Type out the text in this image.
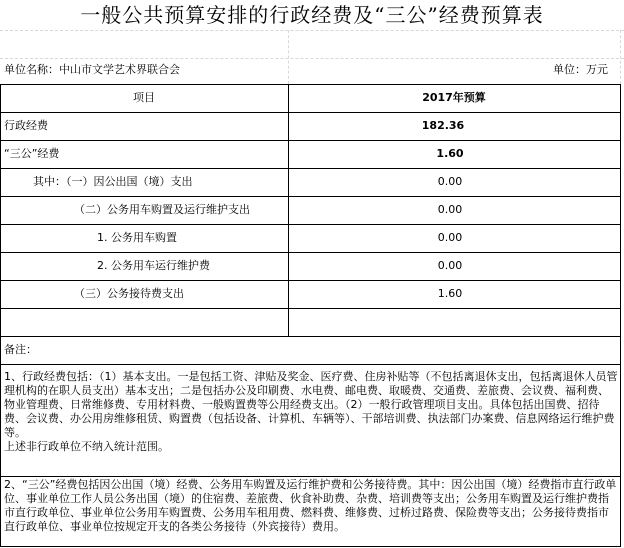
一般公共预算安排的行政经费及“三公”经费预算表
单位名称：中山市文学艺术界联合会	单位：万元
项目	2017年预算
行政经费	182.36
“三公”经费	1.60
其中：（一）因公出国（境）支出	0.00
（二）公务用车购置及运行维护支出	0.00
1. 公务用车购置	0.00
2. 公务用车运行维护费	0.00
（三）公务接待费支出	1.60
备注：
1、行政经费包括：（1）基本支出。一是包括工资、津贴及奖金、医疗费、住房补贴等（不包括离退休支出，包括离退休人员管理机构的在职人员支出）基本支出；二是包括办公及印刷费、水电费、邮电费、取暖费、交通费、差旅费、会议费、福利费、物业管理费、日常维修费、专用材料费、一般购置费等公用经费支出。（2）一般行政管理项目支出。具体包括出国费、招待费、会议费、办公用房维修租赁、购置费（包括设备、计算机、车辆等）、干部培训费、执法部门办案费、信息网络运行维护费等。
上述非行政单位不纳入统计范围。
2、“三公”经费包括因公出国（境）经费、公务用车购置及运行维护费和公务接待费。其中：因公出国（境）经费指市直行政单位、事业单位工作人员公务出国（境）的住宿费、差旅费、伙食补助费、杂费、培训费等支出；公务用车购置及运行维护费指市直行政单位、事业单位公务用车购置费、公务用车租用费、燃料费、维修费、过桥过路费、保险费等支出；公务接待费指市直行政单位、事业单位按规定开支的各类公务接待（外宾接待）费用。
